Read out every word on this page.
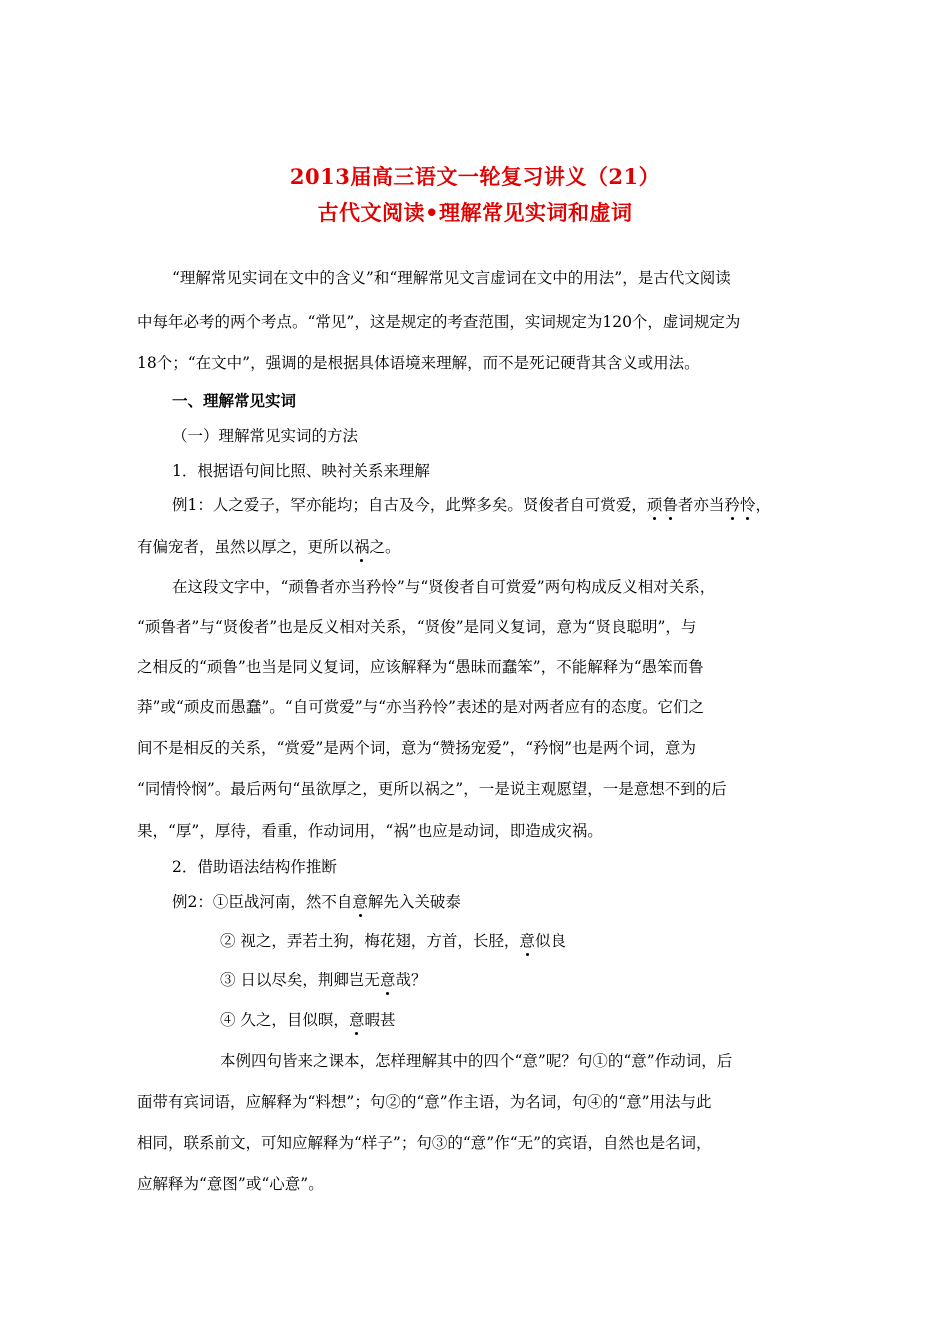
2013届高三语文一轮复习讲义（21）
古代文阅读•理解常见实词和虚词
“理解常见实词在文中的含义”和“理解常见文言虚词在文中的用法”，是古代文阅读
中每年必考的两个考点。“常见”，这是规定的考查范围，实词规定为120个，虚词规定为
18个；“在文中”，强调的是根据具体语境来理解，而不是死记硬背其含义或用法。
一、理解常见实词
（一）理解常见实词的方法
1．根据语句间比照、映衬关系来理解
例1：人之爱子，罕亦能均；自古及今，此弊多矣。贤俊者自可赏爱，顽鲁者亦当矜怜，
有偏宠者，虽然以厚之，更所以祸之。
在这段文字中，“顽鲁者亦当矜怜”与“贤俊者自可赏爱”两句构成反义相对关系，
“顽鲁者”与“贤俊者”也是反义相对关系，“贤俊”是同义复词，意为“贤良聪明”，与
之相反的“顽鲁”也当是同义复词，应该解释为“愚昧而蠢笨”，不能解释为“愚笨而鲁
莽”或“顽皮而愚蠢”。“自可赏爱”与“亦当矜怜”表述的是对两者应有的态度。它们之
间不是相反的关系，“赏爱”是两个词，意为“赞扬宠爱”，“矜悯”也是两个词，意为
“同情怜悯”。最后两句“虽欲厚之，更所以祸之”，一是说主观愿望，一是意想不到的后
果，“厚”，厚待，看重，作动词用，“祸”也应是动词，即造成灾祸。
2．借助语法结构作推断
例2：①臣战河南，然不自意解先入关破泰
② 视之，弄若土狗，梅花翅，方首，长胫，意似良
③ 日以尽矣，荆卿岂无意哉？
④ 久之，目似暝，意暇甚
本例四句皆来之课本，怎样理解其中的四个“意”呢？句①的“意”作动词，后
面带有宾词语，应解释为“料想”；句②的“意”作主语，为名词，句④的“意”用法与此
相同，联系前文，可知应解释为“样子”；句③的“意”作“无”的宾语，自然也是名词，
应解释为“意图”或“心意”。
